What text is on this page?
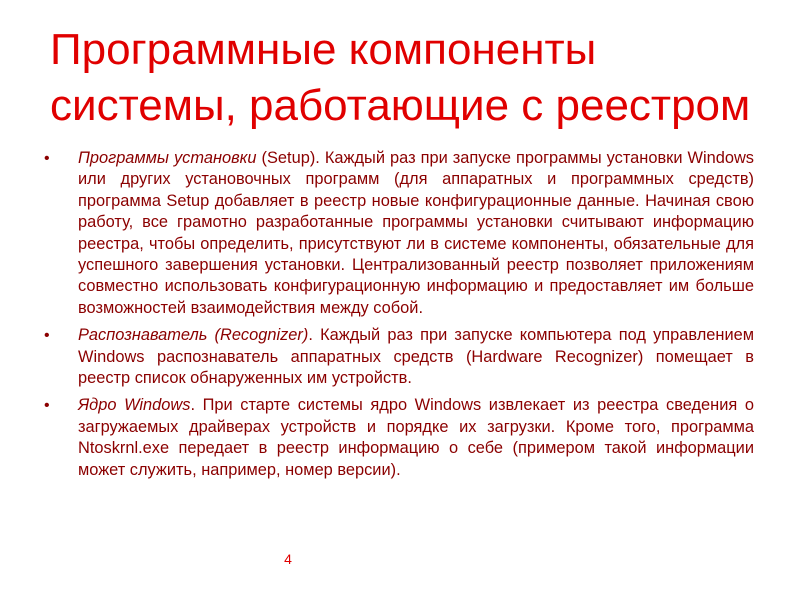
Программные компоненты системы, работающие с реестром
• Программы установки (Setup). Каждый раз при запуске программы установки Windows или других установочных программ (для аппаратных и программных средств) программа Setup добавляет в реестр новые конфигурационные данные. Начиная свою работу, все грамотно разработанные программы установки считывают информацию реестра, чтобы определить, присутствуют ли в системе компоненты, обязательные для успешного завершения установки. Централизованный реестр позволяет приложениям совместно использовать конфигурационную информацию и предоставляет им больше возможностей взаимодействия между собой.
• Распознаватель (Recognizer). Каждый раз при запуске компьютера под управлением Windows распознаватель аппаратных средств (Hardware Recognizer) помещает в реестр список обнаруженных им устройств.
• Ядро Windows. При старте системы ядро Windows извлекает из реестра сведения о загружаемых драйверах устройств и порядке их загрузки. Кроме того, программа Ntoskrnl.exe передает в реестр информацию о себе (примером такой информации может служить, например, номер версии).
4
